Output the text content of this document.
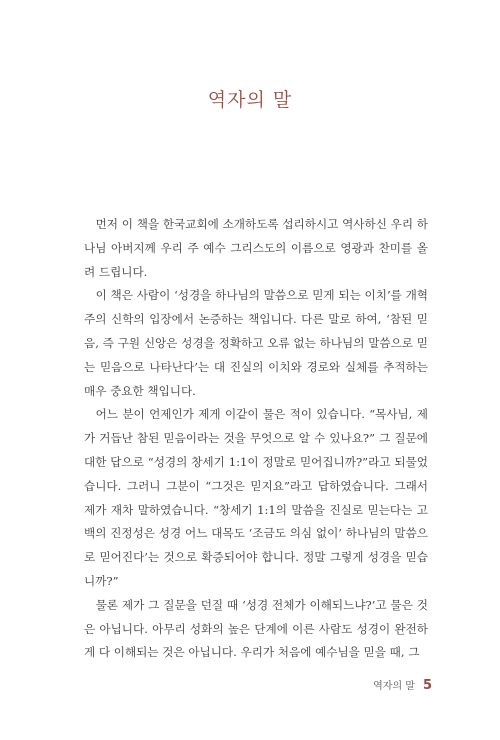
역자의 말

먼저 이 책을 한국교회에 소개하도록 섭리하시고 역사하신 우리 하나님 아버지께 우리 주 예수 그리스도의 이름으로 영광과 찬미를 올려 드립니다.

이 책은 사람이 ‘성경을 하나님의 말씀으로 믿게 되는 이치’를 개혁주의 신학의 입장에서 논증하는 책입니다. 다른 말로 하여, ‘참된 믿음, 즉 구원 신앙은 성경을 정확하고 오류 없는 하나님의 말씀으로 믿는 믿음으로 나타난다’는 대 진실의 이치와 경로와 실체를 추적하는 매우 중요한 책입니다.

어느 분이 언제인가 제게 이같이 물은 적이 있습니다. “목사님, 제가 거듭난 참된 믿음이라는 것을 무엇으로 알 수 있나요?” 그 질문에 대한 답으로 “성경의 창세기 1:1이 정말로 믿어집니까?”라고 되물었습니다. 그러니 그분이 “그것은 믿지요”라고 답하였습니다. 그래서 제가 재차 말하였습니다. “창세기 1:1의 말씀을 진실로 믿는다는 고백의 진정성은 성경 어느 대목도 ‘조금도 의심 없이’ 하나님의 말씀으로 믿어진다’는 것으로 확증되어야 합니다. 정말 그렇게 성경을 믿습니까?”

물론 제가 그 질문을 던질 때 ‘성경 전체가 이해되느냐?’고 물은 것은 아닙니다. 아무리 성화의 높은 단계에 이른 사람도 성경이 완전하게 다 이해되는 것은 아닙니다. 우리가 처음에 예수님을 믿을 때, 그

역자의 말 5
